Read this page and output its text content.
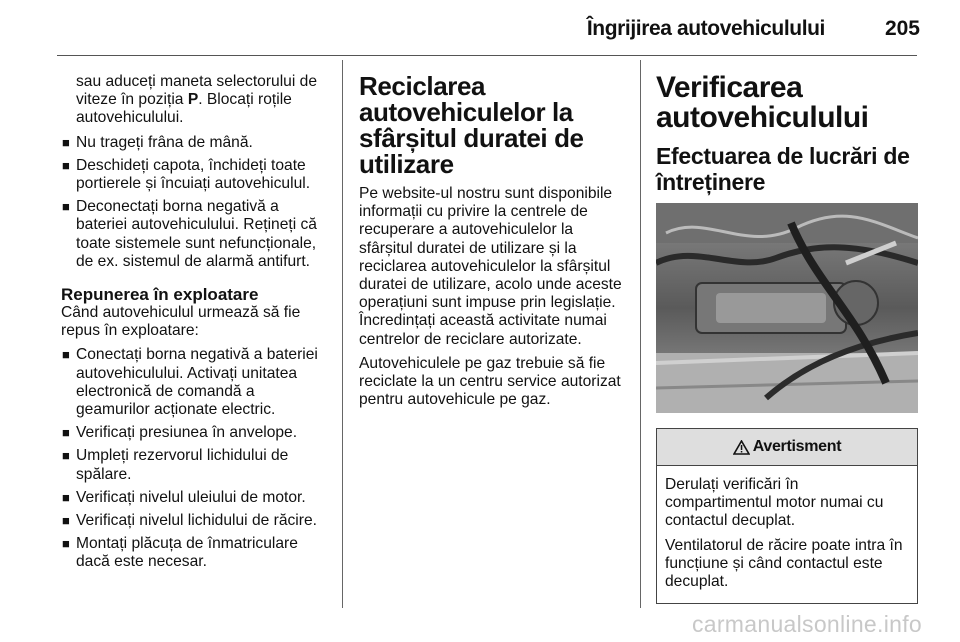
Îngrijirea autovehiculului	205

sau aduceți maneta selectorului de viteze în poziția P. Blocați roțile autovehiculului.

■ Nu trageți frâna de mână.
■ Deschideți capota, închideți toate portierele și încuiați autovehiculul.
■ Deconectați borna negativă a bateriei autovehiculului. Rețineți că toate sistemele sunt nefuncționale, de ex. sistemul de alarmă antifurt.
Repunerea în exploatare

Când autovehiculul urmează să fie repus în exploatare:

■ Conectați borna negativă a bateriei autovehiculului. Activați unitatea electronică de comandă a geamurilor acționate electric.
■ Verificați presiunea în anvelope.
■ Umpleți rezervorul lichidului de spălare.
■ Verificați nivelul uleiului de motor.
■ Verificați nivelul lichidului de răcire.
■ Montați plăcuța de înmatriculare dacă este necesar.
Reciclarea autovehiculelor la sfârșitul duratei de utilizare

Pe website-ul nostru sunt disponibile informații cu privire la centrele de recuperare a autovehiculelor la sfârșitul duratei de utilizare și la reciclarea autovehiculelor la sfârșitul duratei de utilizare, acolo unde aceste operațiuni sunt impuse prin legislație. Încredințați această activitate numai centrelor de reciclare autorizate.

Autovehiculele pe gaz trebuie să fie reciclate la un centru service autorizat pentru autovehicule pe gaz.

Verificarea autovehiculului
Efectuarea de lucrări de întreținere
Avertisment

Derulați verificări în compartimentul motor numai cu contactul decuplat.

Ventilatorul de răcire poate intra în funcțiune și când contactul este decuplat.

carmanualsonline.info
